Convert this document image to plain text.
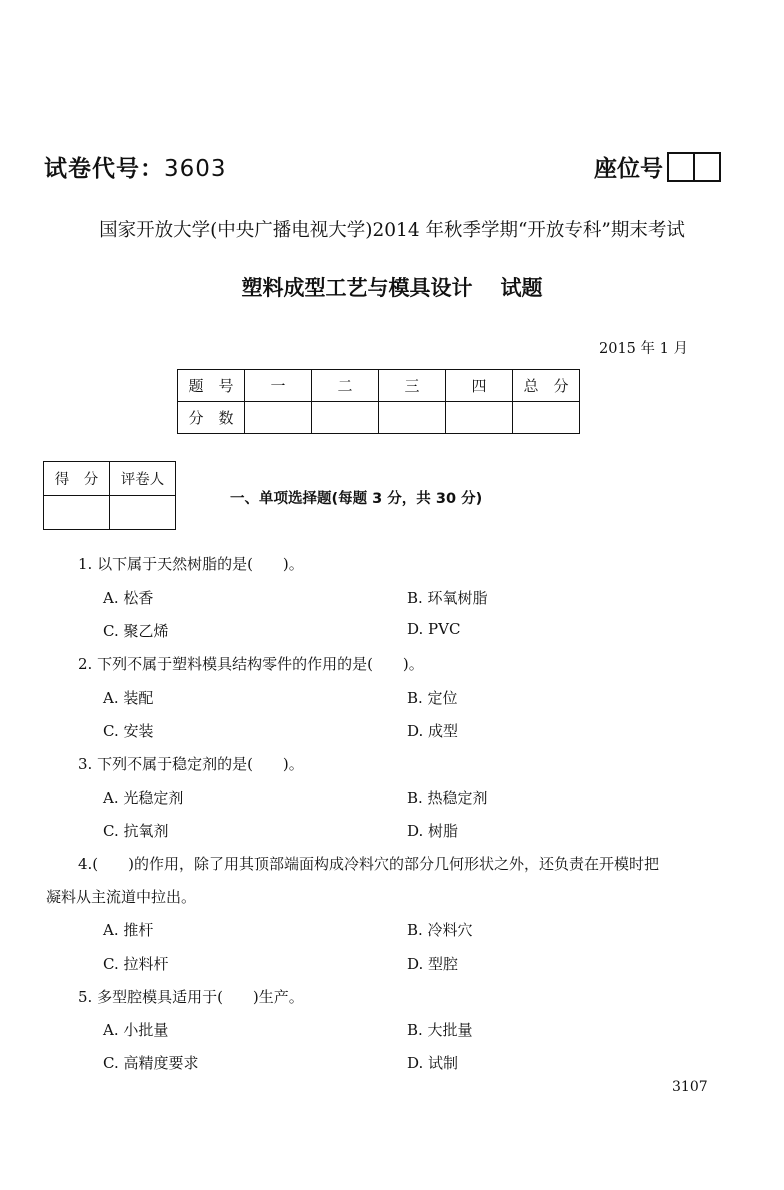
试卷代号：3603	座位号
国家开放大学(中央广播电视大学)2014 年秋季学期“开放专科”期末考试
塑料成型工艺与模具设计 试题
2015 年 1 月
题　号	一	二	三	四	总　分
分　数					
得　分	评卷人

一、单项选择题(每题 3 分，共 30 分)
1. 以下属于天然树脂的是(　　)。
A. 松香	B. 环氧树脂
C. 聚乙烯	D. PVC
2. 下列不属于塑料模具结构零件的作用的是(　　)。
A. 装配	B. 定位
C. 安装	D. 成型
3. 下列不属于稳定剂的是(　　)。
A. 光稳定剂	B. 热稳定剂
C. 抗氧剂	D. 树脂
4.(　　)的作用，除了用其顶部端面构成冷料穴的部分几何形状之外，还负责在开模时把
凝料从主流道中拉出。
A. 推杆	B. 冷料穴
C. 拉料杆	D. 型腔
5. 多型腔模具适用于(　　)生产。
A. 小批量	B. 大批量
C. 高精度要求	D. 试制
3107
